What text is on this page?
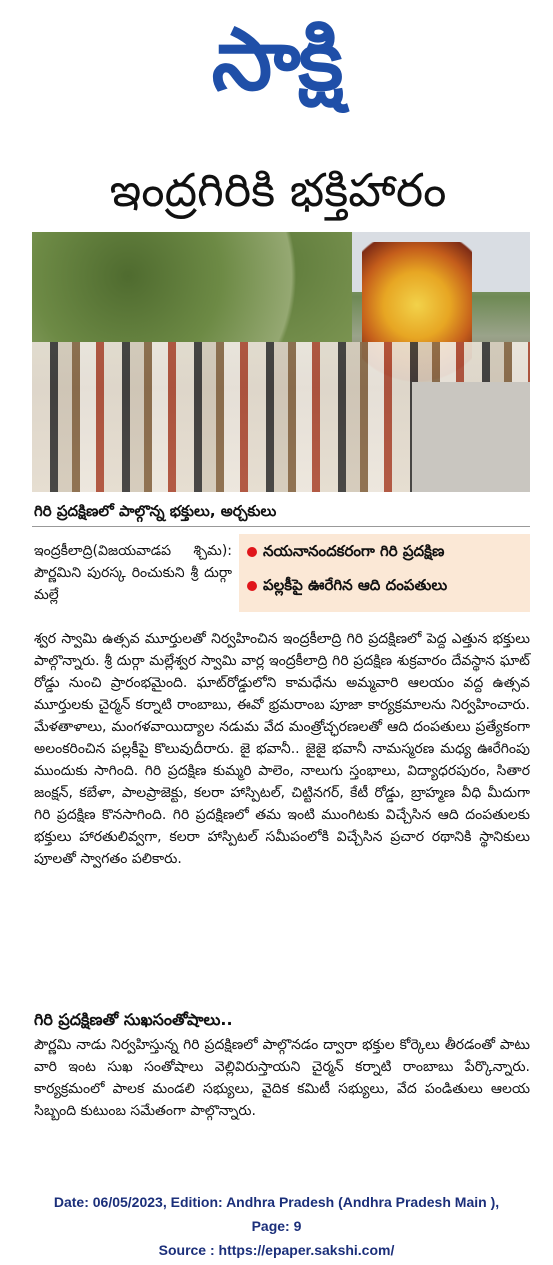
సాక్షి
ఇంద్రగిరికి భక్తిహారం
గిరి ప్రదక్షిణలో పాల్గొన్న భక్తులు, అర్చకులు
నయనానందకరంగా గిరి ప్రదక్షిణ
పల్లకీపై ఊరేగిన ఆది దంపతులు

ఇంద్రకీలాద్రి(విజయవాడప శ్చిమ): పౌర్ణమిని పురస్క రించుకుని శ్రీ దుర్గా మల్లే

శ్వర స్వామి ఉత్సవ మూర్తులతో నిర్వహించిన ఇంద్రకీలాద్రి గిరి ప్రదక్షిణలో పెద్ద ఎత్తున భక్తులు పాల్గొన్నారు. శ్రీ దుర్గా మల్లేశ్వర స్వామి వార్ల ఇంద్రకీలాద్రి గిరి ప్రదక్షిణ శుక్రవారం దేవస్థాన ఘాట్ రోడ్డు నుంచి ప్రారంభమైంది. ఘాట్‌రోడ్డులోని కామధేను అమ్మవారి ఆలయం వద్ద ఉత్సవ మూర్తులకు చైర్మన్ కర్నాటి రాంబాబు, ఈవో భ్రమరాంబ పూజా కార్యక్రమాలను నిర్వహించారు. మేళతాళాలు, మంగళవాయిద్యాల నడుమ వేద మంత్రోచ్ఛరణలతో ఆది దంపతులు ప్రత్యేకంగా అలంకరించిన పల్లకీపై కొలువుదీరారు. జై భవానీ.. జైజై భవానీ నామస్మరణ మధ్య ఊరేగింపు ముందుకు సాగింది. గిరి ప్రదక్షిణ కుమ్మరి పాలెం, నాలుగు స్తంభాలు, విద్యాధరపురం, సితార జంక్షన్, కబేళా, పాలప్రాజెక్టు, కలరా హాస్పిటల్, చిట్టినగర్, కేటీ రోడ్డు, బ్రాహ్మణ వీధి మీదుగా గిరి ప్రదక్షిణ కొనసాగింది. గిరి ప్రదక్షిణలో తమ ఇంటి ముంగిటకు విచ్చేసిన ఆది దంపతులకు భక్తులు హారతులివ్వగా, కలరా హాస్పిటల్ సమీపంలోకి విచ్చేసిన ప్రచార రథానికి స్థానికులు పూలతో స్వాగతం పలికారు.

గిరి ప్రదక్షిణతో సుఖసంతోషాలు..

పౌర్ణమి నాడు నిర్వహిస్తున్న గిరి ప్రదక్షిణలో పాల్గొనడం ద్వారా భక్తుల కోర్కెలు తీరడంతో పాటు వారి ఇంట సుఖ సంతోషాలు వెల్లివిరుస్తాయని చైర్మన్ కర్నాటి రాంబాబు పేర్కొన్నారు. కార్యక్రమంలో పాలక మండలి సభ్యులు, వైదిక కమిటీ సభ్యులు, వేద పండితులు ఆలయ సిబ్బంది కుటుంబ సమేతంగా పాల్గొన్నారు.

Date: 06/05/2023, Edition: Andhra Pradesh (Andhra Pradesh Main ),
Page: 9
Source : https://epaper.sakshi.com/
